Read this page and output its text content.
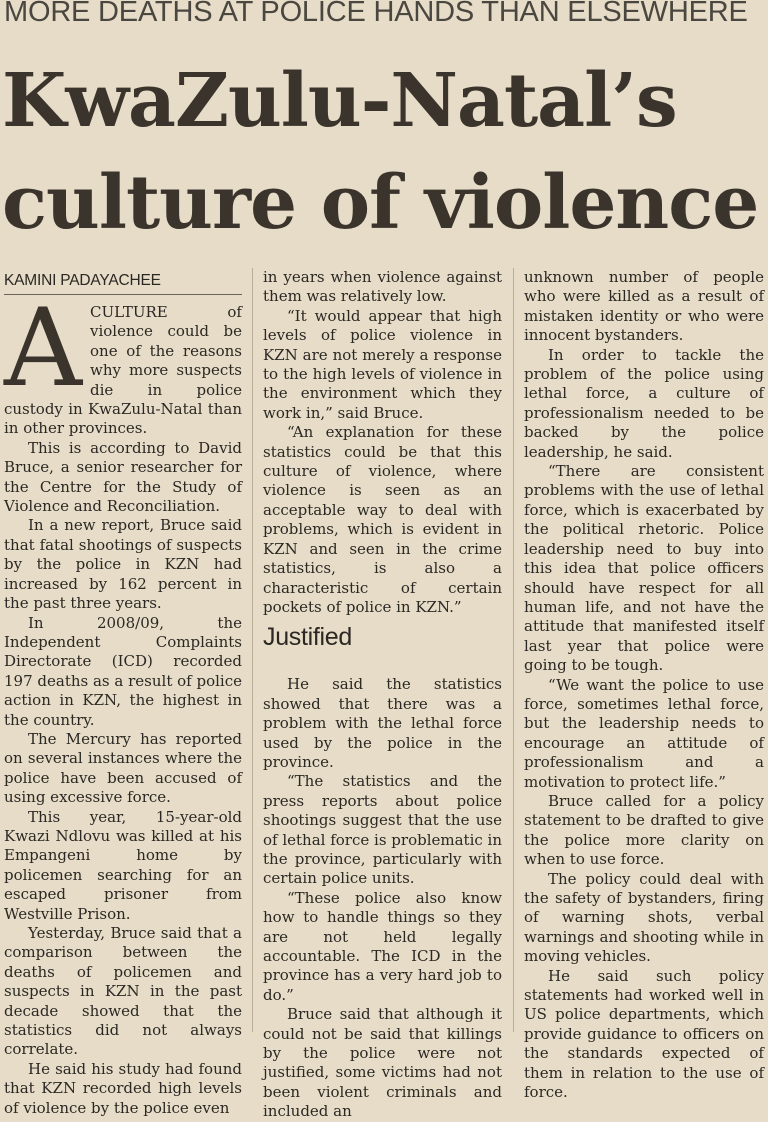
MORE DEATHS AT POLICE HANDS THAN ELSEWHERE
KwaZulu-Natal’s
culture of violence
KAMINI PADAYACHEE
A CULTURE of violence could be one of the reasons why more suspects die in police custody in KwaZulu-Natal than in other provinces.

This is according to David Bruce, a senior researcher for the Centre for the Study of Violence and Reconciliation.

In a new report, Bruce said that fatal shootings of suspects by the police in KZN had increased by 162 percent in the past three years.

In 2008/09, the Independent Complaints Directorate (ICD) recorded 197 deaths as a result of police action in KZN, the highest in the country.

The Mercury has reported on several instances where the police have been accused of using excessive force.

This year, 15-year-old Kwazi Ndlovu was killed at his Empangeni home by policemen searching for an escaped prisoner from Westville Prison.

Yesterday, Bruce said that a comparison between the deaths of policemen and suspects in KZN in the past decade showed that the statistics did not always correlate.

He said his study had found that KZN recorded high levels of violence by the police even

in years when violence against them was relatively low.

“It would appear that high levels of police violence in KZN are not merely a response to the high levels of violence in the environment which they work in,” said Bruce.

“An explanation for these statistics could be that this culture of violence, where violence is seen as an acceptable way to deal with problems, which is evident in KZN and seen in the crime statistics, is also a characteristic of certain pockets of police in KZN.”

Justified

He said the statistics showed that there was a problem with the lethal force used by the police in the province.

“The statistics and the press reports about police shootings suggest that the use of lethal force is problematic in the province, particularly with certain police units.

“These police also know how to handle things so they are not held legally accountable. The ICD in the province has a very hard job to do.”

Bruce said that although it could not be said that killings by the police were not justified, some victims had not been violent criminals and included an

unknown number of people who were killed as a result of mistaken identity or who were innocent bystanders.

In order to tackle the problem of the police using lethal force, a culture of professionalism needed to be backed by the police leadership, he said.

“There are consistent problems with the use of lethal force, which is exacerbated by the political rhetoric. Police leadership need to buy into this idea that police officers should have respect for all human life, and not have the attitude that manifested itself last year that police were going to be tough.

“We want the police to use force, sometimes lethal force, but the leadership needs to encourage an attitude of professionalism and a motivation to protect life.”

Bruce called for a policy statement to be drafted to give the police more clarity on when to use force.

The policy could deal with the safety of bystanders, firing of warning shots, verbal warnings and shooting while in moving vehicles.

He said such policy statements had worked well in US police departments, which provide guidance to officers on the standards expected of them in relation to the use of force.
